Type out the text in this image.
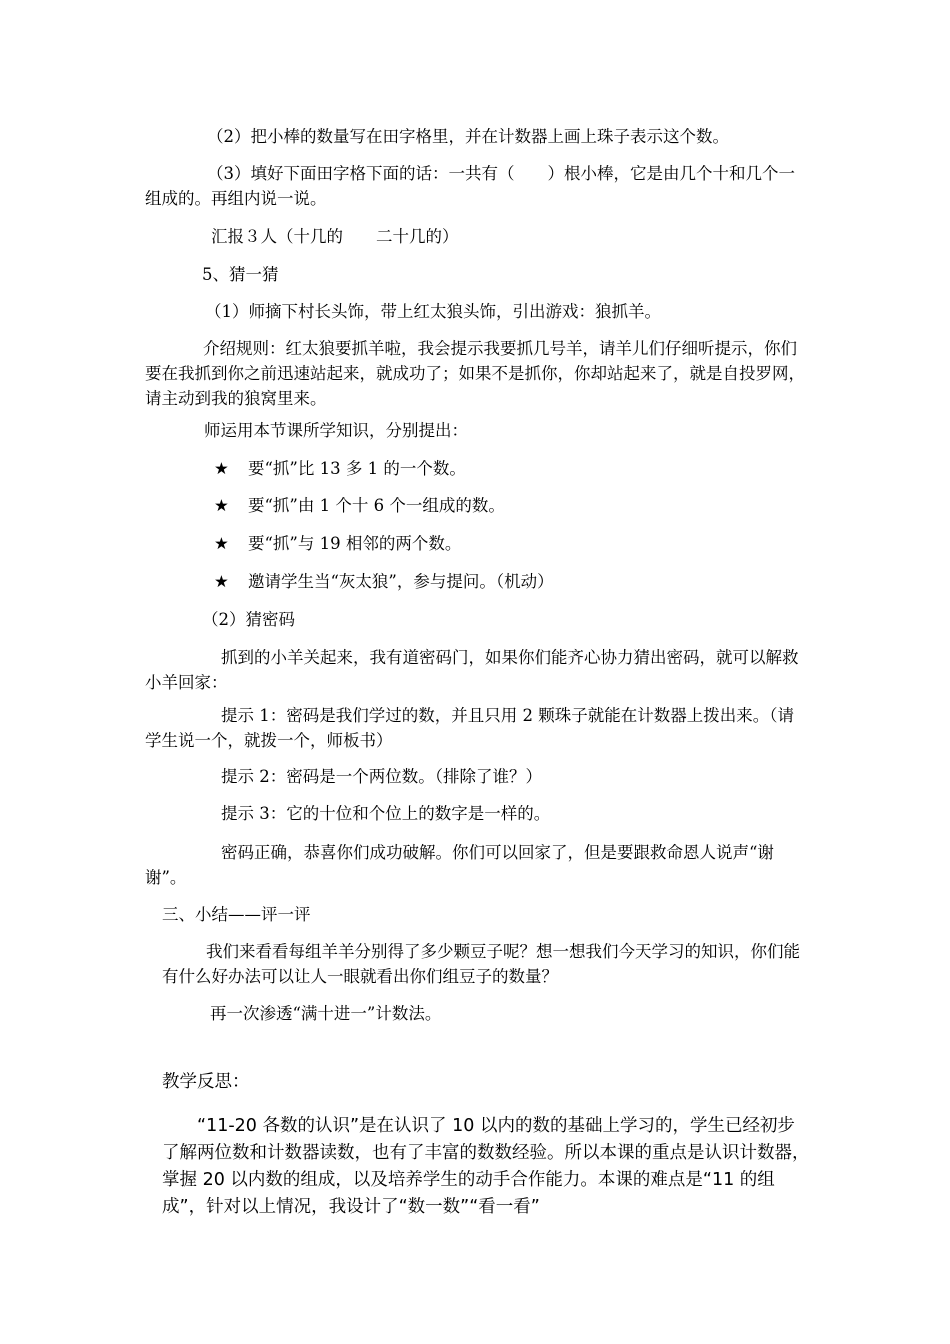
（2）把小棒的数量写在田字格里，并在计数器上画上珠子表示这个数。

（3）填好下面田字格下面的话：一共有（　　）根小棒，它是由几个十和几个一组成的。再组内说一说。

汇报３人（十几的　　二十几的）

5、猜一猜

（1）师摘下村长头饰，带上红太狼头饰，引出游戏：狼抓羊。

介绍规则：红太狼要抓羊啦，我会提示我要抓几号羊，请羊儿们仔细听提示，你们要在我抓到你之前迅速站起来，就成功了；如果不是抓你，你却站起来了，就是自投罗网，请主动到我的狼窝里来。

师运用本节课所学知识，分别提出：

★ 要“抓”比 13 多 1 的一个数。

★ 要“抓”由 1 个十 6 个一组成的数。

★ 要“抓”与 19 相邻的两个数。

★ 邀请学生当“灰太狼”，参与提问。（机动）

（2）猜密码

抓到的小羊关起来，我有道密码门，如果你们能齐心协力猜出密码，就可以解救小羊回家：

提示 1：密码是我们学过的数，并且只用 2 颗珠子就能在计数器上拨出来。（请学生说一个，就拨一个，师板书）

提示 2：密码是一个两位数。（排除了谁？）

提示 3：它的十位和个位上的数字是一样的。

密码正确，恭喜你们成功破解。你们可以回家了，但是要跟救命恩人说声“谢谢”。

三、小结——评一评

我们来看看每组羊羊分别得了多少颗豆子呢？想一想我们今天学习的知识，你们能有什么好办法可以让人一眼就看出你们组豆子的数量？

再一次渗透“满十进一”计数法。

教学反思：

“11-20 各数的认识”是在认识了 10 以内的数的基础上学习的，学生已经初步了解两位数和计数器读数，也有了丰富的数数经验。所以本课的重点是认识计数器，掌握 20 以内数的组成，以及培养学生的动手合作能力。本课的难点是“11 的组成”，针对以上情况，我设计了“数一数”“看一看”
